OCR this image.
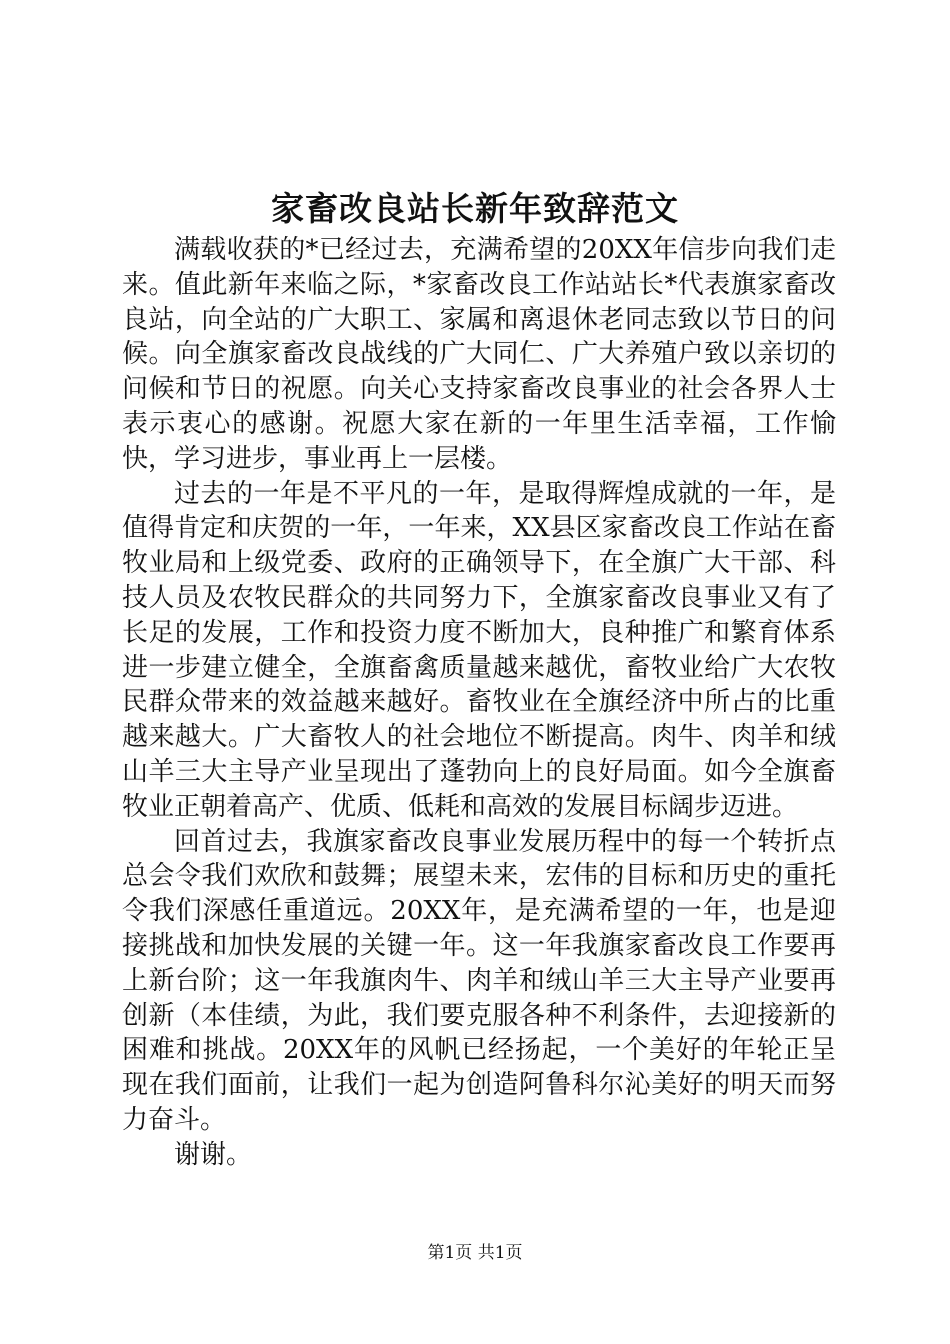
家畜改良站长新年致辞范文

满载收获的*已经过去，充满希望的20XX年信步向我们走来。值此新年来临之际，*家畜改良工作站站长*代表旗家畜改良站，向全站的广大职工、家属和离退休老同志致以节日的问候。向全旗家畜改良战线的广大同仁、广大养殖户致以亲切的问候和节日的祝愿。向关心支持家畜改良事业的社会各界人士表示衷心的感谢。祝愿大家在新的一年里生活幸福，工作愉快，学习进步，事业再上一层楼。

过去的一年是不平凡的一年，是取得辉煌成就的一年，是值得肯定和庆贺的一年，一年来，XX县区家畜改良工作站在畜牧业局和上级党委、政府的正确领导下，在全旗广大干部、科技人员及农牧民群众的共同努力下，全旗家畜改良事业又有了长足的发展，工作和投资力度不断加大，良种推广和繁育体系进一步建立健全，全旗畜禽质量越来越优，畜牧业给广大农牧民群众带来的效益越来越好。畜牧业在全旗经济中所占的比重越来越大。广大畜牧人的社会地位不断提高。肉牛、肉羊和绒山羊三大主导产业呈现出了蓬勃向上的良好局面。如今全旗畜牧业正朝着高产、优质、低耗和高效的发展目标阔步迈进。

回首过去，我旗家畜改良事业发展历程中的每一个转折点总会令我们欢欣和鼓舞；展望未来，宏伟的目标和历史的重托令我们深感任重道远。20XX年，是充满希望的一年，也是迎接挑战和加快发展的关键一年。这一年我旗家畜改良工作要再上新台阶；这一年我旗肉牛、肉羊和绒山羊三大主导产业要再创新（本佳绩，为此，我们要克服各种不利条件，去迎接新的困难和挑战。20XX年的风帆已经扬起，一个美好的年轮正呈现在我们面前，让我们一起为创造阿鲁科尔沁美好的明天而努力奋斗。

谢谢。

第1页 共1页
